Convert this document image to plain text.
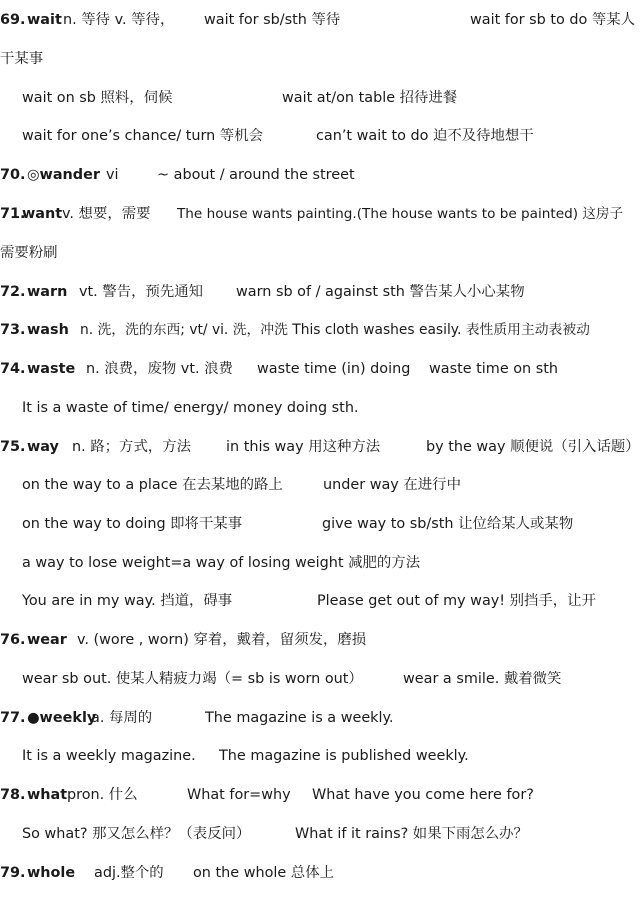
69. wait n. 等待 v. 等待， wait for sb/sth 等待	wait for sb to do 等某人
干某事
wait on sb 照料，伺候	wait at/on table 招待进餐
wait for one’s chance/ turn 等机会	can’t wait to do 迫不及待地想干
70. ◎wander vi	~ about / around the street
71.
want v. 想要，需要 The house wants painting.(The house wants to be painted) 这房子
需要粉刷
72. warn vt. 警告，预先通知 warn sb of / against sth 警告某人小心某物
73. wash n. 洗，洗的东西; vt/ vi. 洗，冲洗 This cloth washes easily. 表性质用主动表被动
74. waste n. 浪费，废物 vt. 浪费 waste time (in) doing waste time on sth
It is a waste of time/ energy/ money doing sth.
75. way n. 路；方式，方法 in this way 用这种方法	by the way 顺便说（引入话题）
on the way to a place 在去某地的路上	under way 在进行中
on the way to doing 即将干某事	give way to sb/sth 让位给某人或某物
a way to lose weight=a way of losing weight 减肥的方法
You are in my way. 挡道，碍事	Please get out of my way! 别挡手，让开
76. wear v. (wore , worn) 穿着，戴着，留须发，磨损
wear sb out. 使某人精疲力竭（= sb is worn out）	wear a smile. 戴着微笑
77. ●weekly
a. 每周的	The magazine is a weekly.
It is a weekly magazine. The magazine is published weekly.
78. what pron. 什么	What for=why What have you come here for?
So what? 那又怎么样？（表反问）	What if it rains? 如果下雨怎么办？
79. whole adj.整个的 on the whole 总体上
